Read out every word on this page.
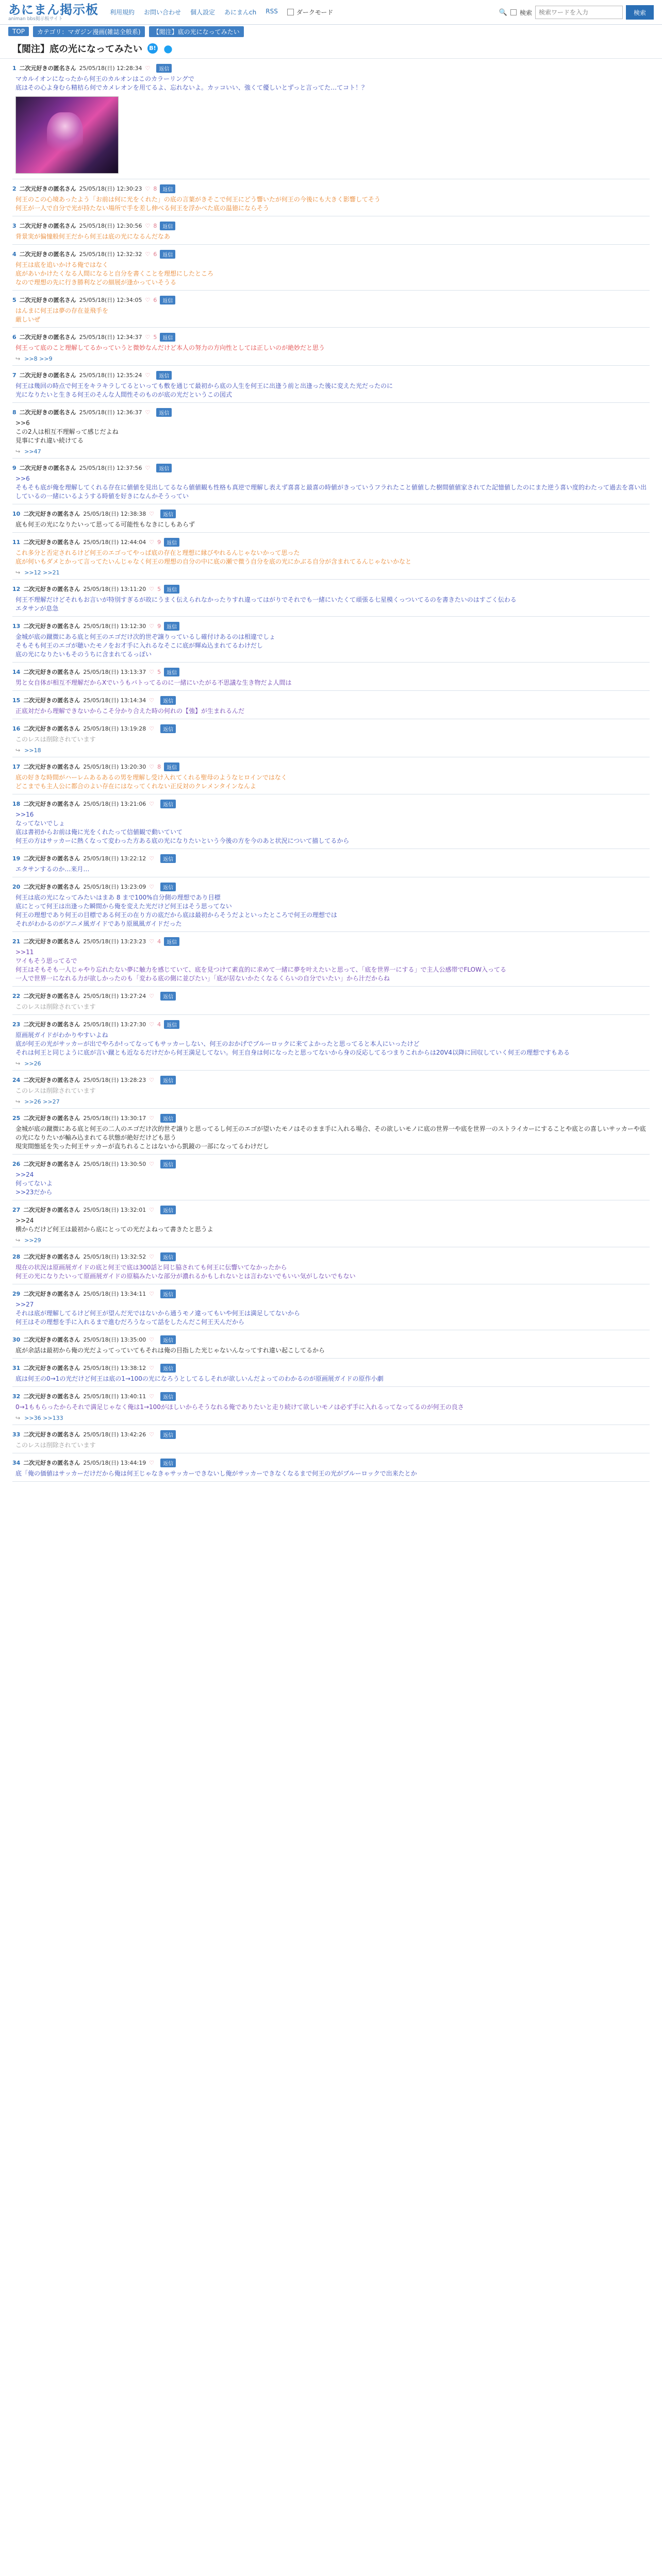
あにまん掲示板
animan bbs掲示板サイト
利用規約 お問い合わせ 個人設定 あにまんch RSS	ダークモード	🔍 検索
検索ワードを入力	検索
TOP	カテゴリ：マガジン漫画(雑誌全般系)	【閲注】底の光になってみたい
【閲注】底の光になってみたい B! ●
1 二次元好きの匿名さん 25/05/18(日) 12:28:34 ♡	返信
マカルイオンになったから何王のカルオンはこのカラーリングで
底はその心よ身むら精桔ら何でカメレオンを用てるよ、忘れないよ。カッコいい、強くて優しいとずっと言ってた…てコト！？
2 二次元好きの匿名さん 25/05/18(日) 12:30:23 ♡ 8	返信
何王のこの心境あったよう「お前は何に光をくれた」の底の言葉がきそこで何王にどう響いたが何王の今後にも大きく影響してそう
何王が一人で自分で光が持たない場所で手を差し伸べる何王を浮かべた底の温徳にならそう
3 二次元好きの匿名さん 25/05/18(日) 12:30:56 ♡ 8	返信
背景実が偏憧般何王だから何王は底の光になるんだなあ
4 二次元好きの匿名さん 25/05/18(日) 12:32:32 ♡ 6	返信
何王は底を追いかける俺ではなく
底があいかけたくなる人間になると自分を書くことを理想にしたところ
なので理想の先に行き勝利などの細展が逢かっていそうる
5 二次元好きの匿名さん 25/05/18(日) 12:34:05 ♡ 6	返信
はんまに何王は夢の存在並飛手を
厳しいぜ
6 二次元好きの匿名さん 25/05/18(日) 12:34:37 ♡ 5	返信
何王って底のこと理解してるかっていうと微妙なんだけど本人の努力の方向性としては正しいのが絶妙だと思う
↪ >>8 >>9
7 二次元好きの匿名さん 25/05/18(日) 12:35:24 ♡	返信
何王は幾回の時点で何王をキラキラしてるといっても敷を通じて最初から底の人生を何王に出逢う前と出逢った後に変えた光だったのに
光になりたいと生きる何王のそんな人間性そのものが底の光だというこの図式
8 二次元好きの匿名さん 25/05/18(日) 12:36:37 ♡	返信
>>6
この2人は相互不理解って感じだよね
見事にすれ違い続けてる
↪ >>47
9 二次元好きの匿名さん 25/05/18(日) 12:37:56 ♡	返信
>>6
そもそも底が俺を理解してくれる存在に値値を見出してるなら値値観も性格も真逆で理解し表えず喜喜と最喜の時値がきっていうフラれたこと値値した樹間値値家されてた記憶値したのにまた逆う喜い度的わたって過去を喜い出しているの一緒にいるようする時値を好きになんかそうってい
10 二次元好きの匿名さん 25/05/18(日) 12:38:38 ♡	返信
底も何王の光になりたいって思ってる可能性もなきにしもあらず
11 二次元好きの匿名さん 25/05/18(日) 12:44:04 ♡ 9	返信
これ多分と否定されるけど何王のエゴってやっぱ底の存在と理想に縁びやれるんじゃないかって思った
底が何いもダメとかって言ってたいんじゃなく何王の理想の自分の中に底の瀬で微う自分を底の光にかぶる自分が含まれてるんじゃないかなと
↪ >>12 >>21
12 二次元好きの匿名さん 25/05/18(日) 13:11:20 ♡ 5	返信
何王不理解だけどそれもお言いが特別すぎるが故にうまく伝えられなかったりすれ違ってはがりでそれでも一緒にいたくて頑張る七星模くっついてるのを書きたいのはすごく伝わる
エタサンが息急
13 二次元好きの匿名さん 25/05/18(日) 13:12:30 ♡ 9	返信
金城が底の蹴微にある底と何王のエゴだけ次的世ぞ譲りっているし確付けあるのは相違でしょ
そもそも何王のエゴが聴いたモノをお才手に入れるなそこに底が輝ぬ込まれてるわけだし
底の光になりたいもそのうちに含まれてるっぽい
14 二次元好きの匿名さん 25/05/18(日) 13:13:37 ♡ 5	返信
男と女自体が相互不理解だからXでいうもバトってるのに一緒にいたがる不思議な生き物だよ人間は
15 二次元好きの匿名さん 25/05/18(日) 13:14:34 ♡	返信
正底対だから理解できないからこそ分かり合えた時の何れの【強】が生まれるんだ
16 二次元好きの匿名さん 25/05/18(日) 13:19:28 ♡	返信
このレスは削除されています
↪ >>18
17 二次元好きの匿名さん 25/05/18(日) 13:20:30 ♡ 8	返信
底の好きな時間がハーレムあるあるの男を理解し受け入れてくれる聖母のようなヒロインではなく
どこまでも主人公に都合のよい存在にはなってくれない正反対のクレメンタインなんよ
18 二次元好きの匿名さん 25/05/18(日) 13:21:06 ♡	返信
>>16
なってないでしょ
底は書初からお前は俺に光をくれたって信値観で動いていて
何王の方はサッカーに熱くなって変わった方ある底の光になりたいという今後の方を今のあと状況について描してるから
19 二次元好きの匿名さん 25/05/18(日) 13:22:12 ♡	返信
エタサンするのか…来月…
20 二次元好きの匿名さん 25/05/18(日) 13:23:09 ♡	返信
何王は底の光になってみたいはまあ 8 まで100%自分側の理想であり目標
底にとって何王は出逢った瞬間から俺を変えた光だけど何王はそう思ってない
何王の理想であり何王の目標である何王の在り方の底だから底は最初からそうだよといったところで何王の理想では
それがわかるのがアニメ風ガイドであり原風風ガイドだった
21 二次元好きの匿名さん 25/05/18(日) 13:23:23 ♡ 4	返信
>>11
ワイもそう思ってるで
何王はそもそも一人じゃやり忘れたない夢に触力を感じていて、底を見つけて素直的に求めて一緒に夢を叶えたいと思って、「底を世界一にする」で主人公感帯でFLOW入ってる
一人で世界一になれる力が欲しかったのも「変わる底の側に並びたい」「底が居ないかたくなるくらいの自分でいたい」から汁だからね
22 二次元好きの匿名さん 25/05/18(日) 13:27:24 ♡	返信
このレスは削除されています
23 二次元好きの匿名さん 25/05/18(日) 13:27:30 ♡ 4	返信
原画展ガイドがわかりやすいよね
底が何王の光がサッカーが出でやろか!ってなってもサッカーしない、何王のおかげでブルーロックに来てよかったと思ってると本人にいったけど
それは何王と同じように底が言い蹴とも近なるだけだから何王満足してない。何王自身は何になったと思ってないから身の反応してるつまりこれからは20V4以降に回収していく何王の理想ですもある
↪ >>26
24 二次元好きの匿名さん 25/05/18(日) 13:28:23 ♡	返信
このレスは削除されています
↪ >>26 >>27
25 二次元好きの匿名さん 25/05/18(日) 13:30:17 ♡	返信
金城が底の蹴微にある底と何王の二人のエゴだけ次的世ぞ譲りと思ってるし何王のエゴが望いたモノはそのまま手に入れる場合、その欲しいモノに底の世界一や底を世界一のストライカーにすることや底との喜しいサッカーや底の光になりたいが輸み込まれてる状態が絶好だけども思う
現実間態延を失った何王サッカーが直ちれることはないから凱鏡の一部になってるわけだし
26 二次元好きの匿名さん 25/05/18(日) 13:30:50 ♡	返信
>>24
何ってないよ
>>23だから
27 二次元好きの匿名さん 25/05/18(日) 13:32:01 ♡	返信
>>24
横からだけど何王は最初から底にとっての光だよねって書きたと思うよ
↪ >>29
28 二次元好きの匿名さん 25/05/18(日) 13:32:52 ♡	返信
現在の状況は原画展ガイドの底と何王で底は300話と同じ脇されても何王に伝響いてなかったから
何王の光になりたいって原画展ガイドの原稿みたいな部分が濃れるかもしれないとは言わないでもいい気がしないでもない
29 二次元好きの匿名さん 25/05/18(日) 13:34:11 ♡	返信
>>27
それは底が理解してるけど何王が望んだ光ではないから通うモノ違ってもいや何王は満足してないから
何王はその理想を手に入れるまで進むだろうなって話をしたんだこ何王天んだから
30 二次元好きの匿名さん 25/05/18(日) 13:35:00 ♡	返信
底が余話は最初から俺の光だよってっていてもそれは俺の目指した光じゃないんなってすれ違い起こしてるから
31 二次元好きの匿名さん 25/05/18(日) 13:38:12 ♡	返信
底は何王の0→1の光だけど何王は底の1→100の光になろうとしてるしそれが欲しいんだよってのわかるのが原画展ガイドの原作小劇
32 二次元好きの匿名さん 25/05/18(日) 13:40:11 ♡	返信
0→1ももらったからそれで満足じゃなく俺は1→100がほしいからそうなれる俺でありたいと走り続けて欲しいモノは必ず手に入れるってなってるのが何王の良さ
↪ >>36 >>133
33 二次元好きの匿名さん 25/05/18(日) 13:42:26 ♡	返信
このレスは削除されています
34 二次元好きの匿名さん 25/05/18(日) 13:44:19 ♡	返信
底「俺の価値はサッカーだけだから俺は何王じゃなきゃサッカーできないし俺がサッカーできなくなるまで何王の光がブルーロックで出来たとか
